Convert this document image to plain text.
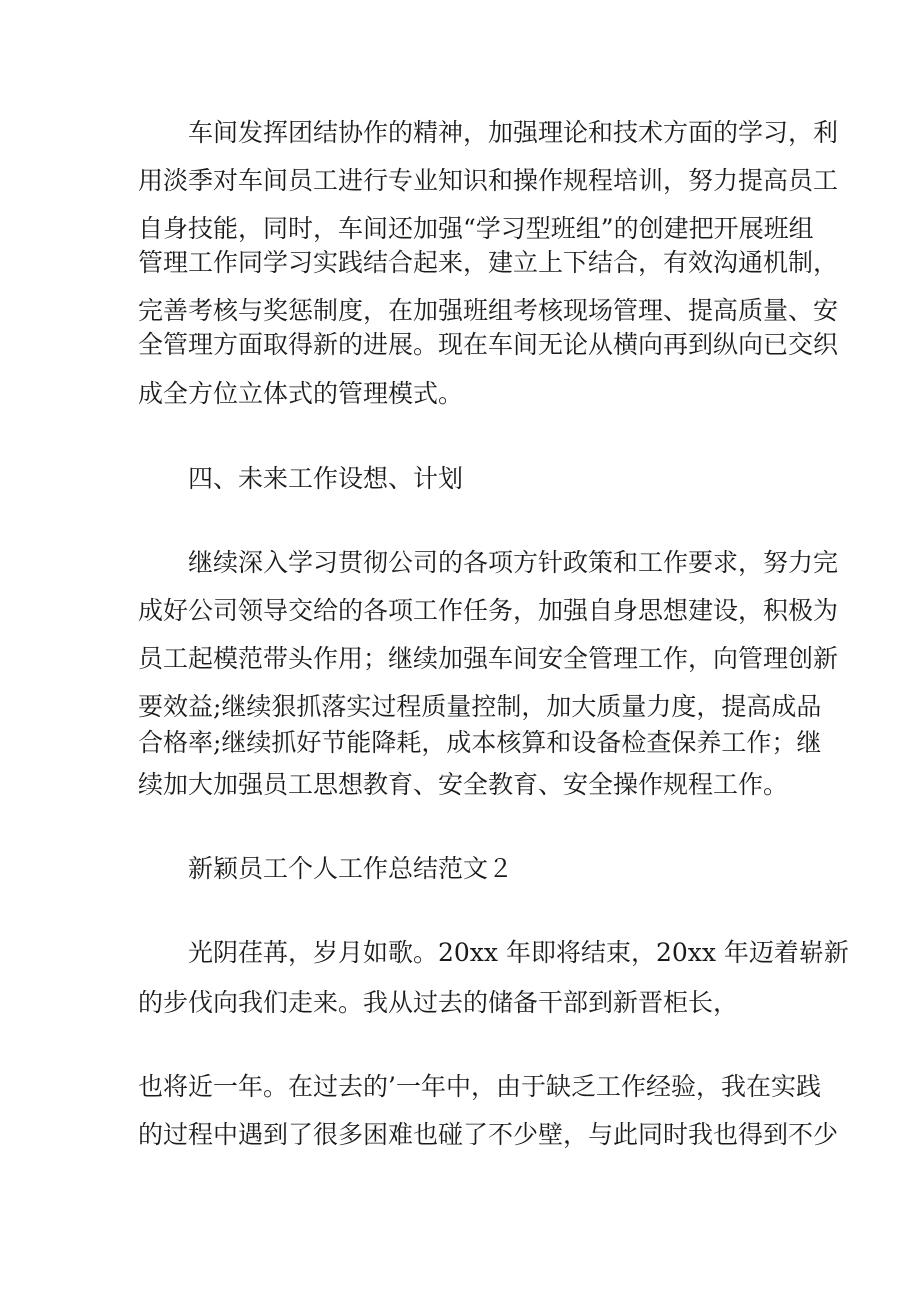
车间发挥团结协作的精神，加强理论和技术方面的学习，利
用淡季对车间员工进行专业知识和操作规程培训，努力提高员工
自身技能，同时，车间还加强“学习型班组”的创建把开展班组
管理工作同学习实践结合起来，建立上下结合，有效沟通机制，
完善考核与奖惩制度，在加强班组考核现场管理、提高质量、安
全管理方面取得新的进展。现在车间无论从横向再到纵向已交织
成全方位立体式的管理模式。
四、未来工作设想、计划
继续深入学习贯彻公司的各项方针政策和工作要求，努力完
成好公司领导交给的各项工作任务，加强自身思想建设，积极为
员工起模范带头作用；继续加强车间安全管理工作，向管理创新
要效益;继续狠抓落实过程质量控制，加大质量力度，提高成品
合格率;继续抓好节能降耗，成本核算和设备检查保养工作；继
续加大加强员工思想教育、安全教育、安全操作规程工作。
新颖员工个人工作总结范文２
光阴荏苒，岁月如歌。20xx 年即将结束，20xx 年迈着崭新
的步伐向我们走来。我从过去的储备干部到新晋柜长，
也将近一年。在过去的’一年中，由于缺乏工作经验，我在实践
的过程中遇到了很多困难也碰了不少壁，与此同时我也得到不少
